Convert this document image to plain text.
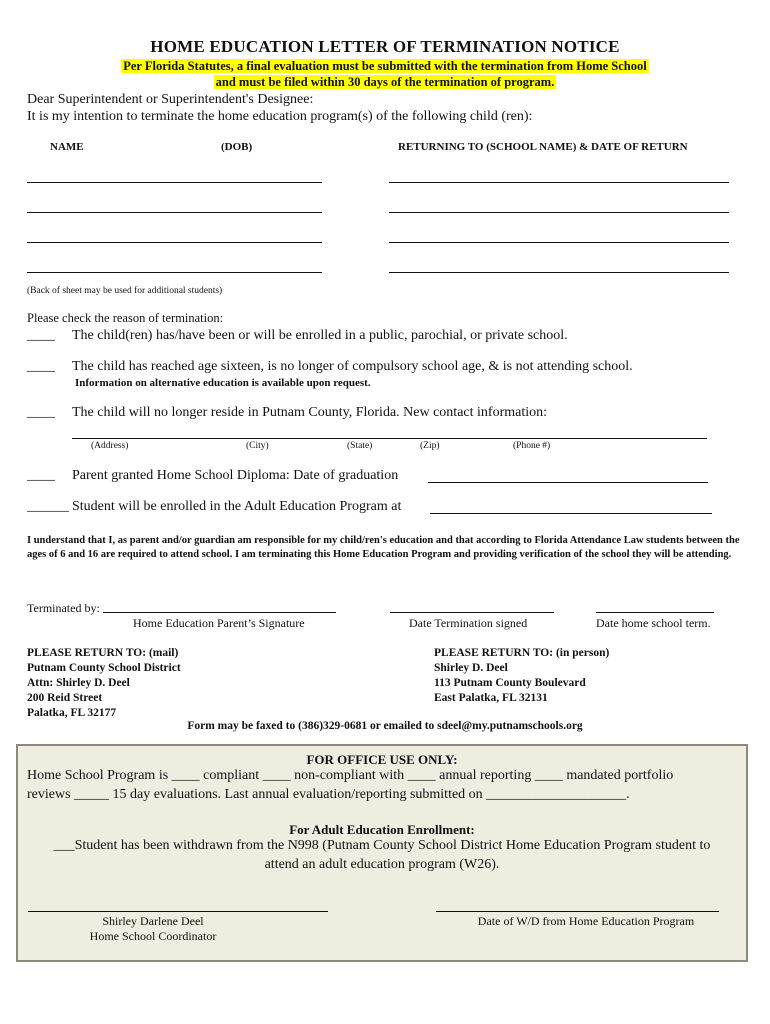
HOME EDUCATION LETTER OF TERMINATION NOTICE
Per Florida Statutes, a final evaluation must be submitted with the termination from Home School
and must be filed within 30 days of the termination of program.
Dear Superintendent or Superintendent's Designee:
It is my intention to terminate the home education program(s) of the following child (ren):
NAME	(DOB)	RETURNING TO (SCHOOL NAME) & DATE OF RETURN
(Back of sheet may be used for additional students)
Please check the reason of termination:
____ The child(ren) has/have been or will be enrolled in a public, parochial, or private school.
____ The child has reached age sixteen, is no longer of compulsory school age, & is not attending school.
Information on alternative education is available upon request.
____ The child will no longer reside in Putnam County, Florida. New contact information:
(Address)	(City)	(State)	(Zip)	(Phone #)
____ Parent granted Home School Diploma: Date of graduation
______ Student will be enrolled in the Adult Education Program at
I understand that I, as parent and/or guardian am responsible for my child/ren's education and that according to Florida Attendance Law students between the ages of 6 and 16 are required to attend school. I am terminating this Home Education Program and providing verification of the school they will be attending.
Terminated by:
Home Education Parent’s Signature	Date Termination signed	Date home school term.
PLEASE RETURN TO: (mail)
Putnam County School District
Attn: Shirley D. Deel
200 Reid Street
Palatka, FL 32177
PLEASE RETURN TO: (in person)
Shirley D. Deel
113 Putnam County Boulevard
East Palatka, FL 32131
Form may be faxed to (386)329-0681 or emailed to sdeel@my.putnamschools.org
FOR OFFICE USE ONLY:
Home School Program is ____ compliant ____ non-compliant with ____ annual reporting ____ mandated portfolio
reviews _____ 15 day evaluations. Last annual evaluation/reporting submitted on ____________________.
For Adult Education Enrollment:
___Student has been withdrawn from the N998 (Putnam County School District Home Education Program student to
attend an adult education program (W26).
Shirley Darlene Deel
Home School Coordinator
Date of W/D from Home Education Program
